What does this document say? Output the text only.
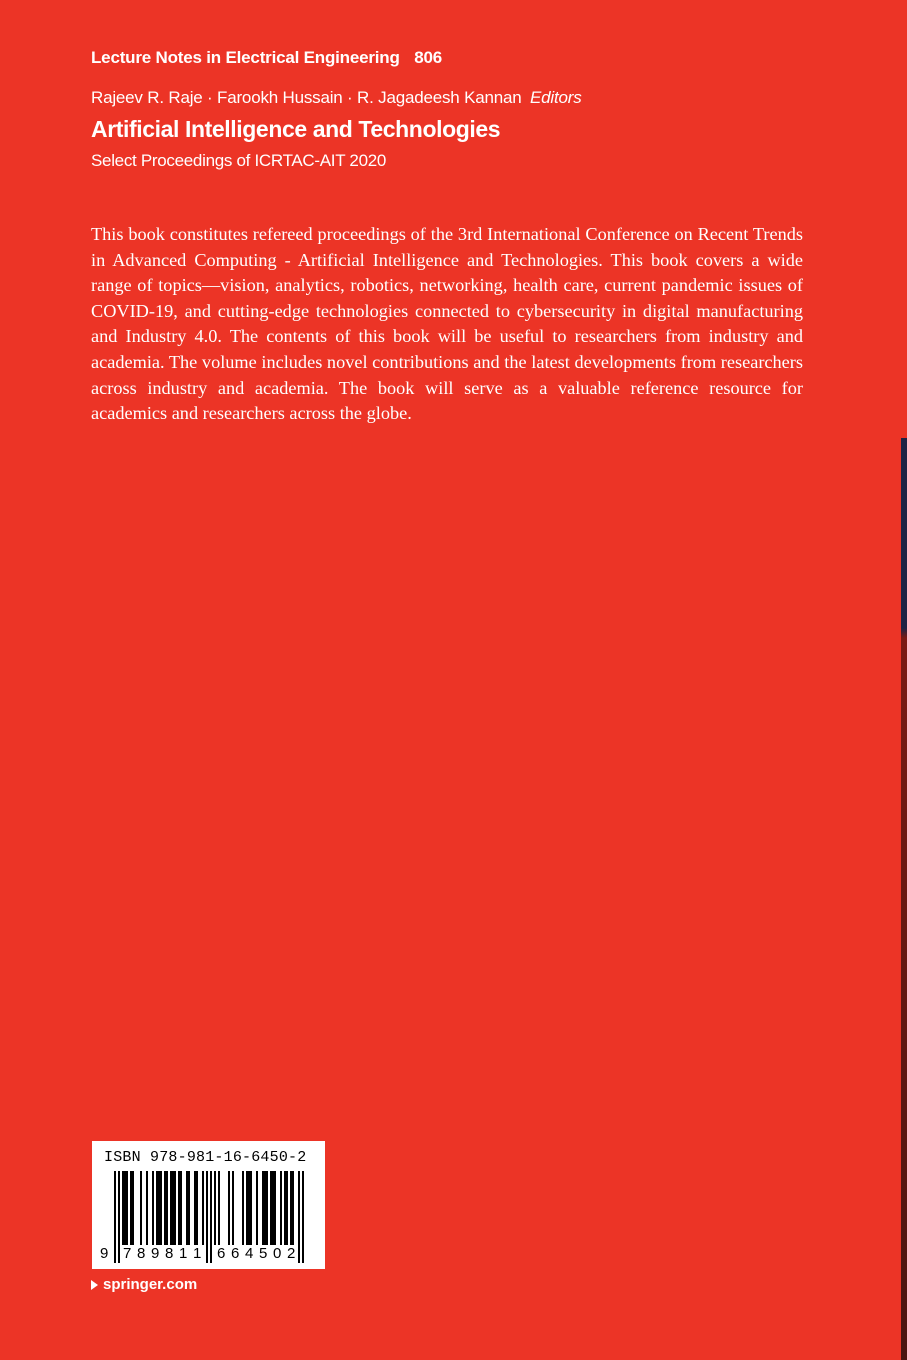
Lecture Notes in Electrical Engineering 806
Rajeev R. Raje · Farookh Hussain · R. Jagadeesh Kannan Editors
Artificial Intelligence and Technologies
Select Proceedings of ICRTAC-AIT 2020

This book constitutes refereed proceedings of the 3rd International Conference on Recent Trends in Advanced Computing - Artificial Intelligence and Technologies. This book covers a wide range of topics—vision, analytics, robotics, networking, health care, current pandemic issues of COVID-19, and cutting-edge technologies connected to cybersecurity in digital manufacturing and Industry 4.0. The contents of this book will be useful to researchers from industry and academia. The volume includes novel contributions and the latest developments from researchers across industry and academia. The book will serve as a valuable reference resource for academics and researchers across the globe.

ISBN 978-981-16-6450-2
9 7 8 9 8 1 1 6 6 4 5 0 2
springer.com
